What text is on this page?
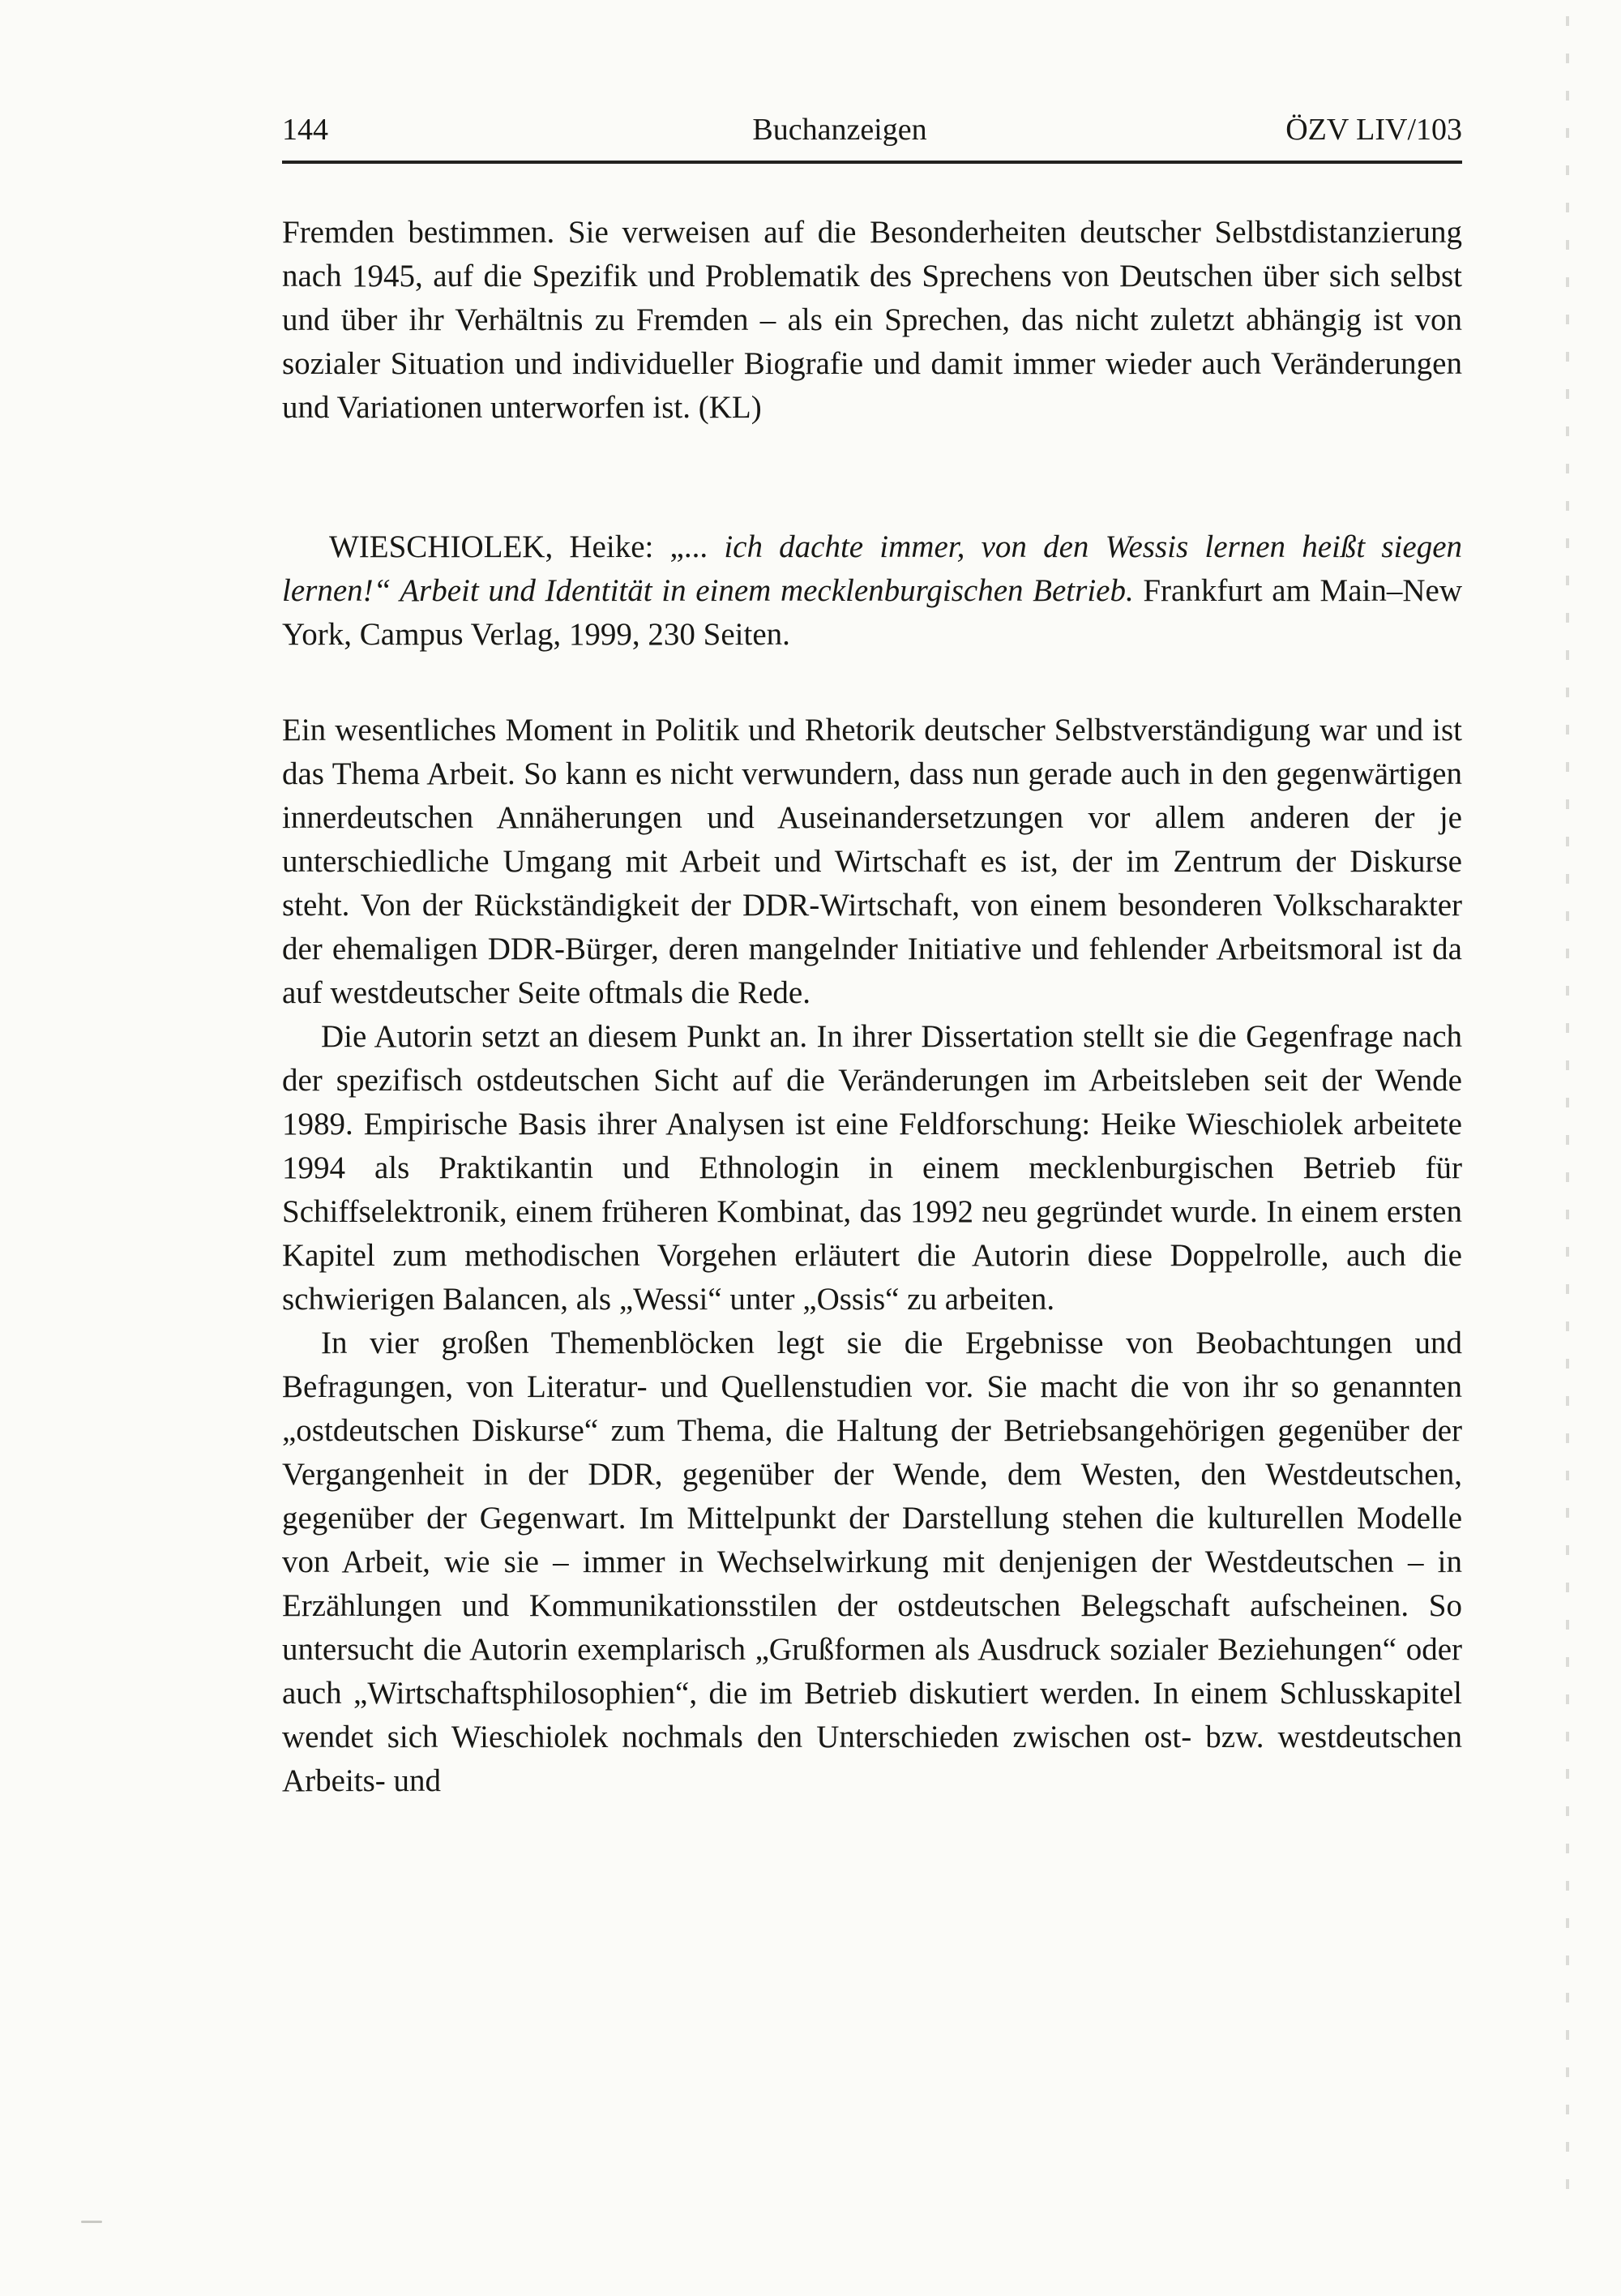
144	Buchanzeigen	ÖZV LIV/103

Fremden bestimmen. Sie verweisen auf die Besonderheiten deutscher Selbstdistanzierung nach 1945, auf die Spezifik und Problematik des Sprechens von Deutschen über sich selbst und über ihr Verhältnis zu Fremden – als ein Sprechen, das nicht zuletzt abhängig ist von sozialer Situation und individueller Biografie und damit immer wieder auch Veränderungen und Variationen unterworfen ist. (KL)

WIESCHIOLEK, Heike: „... ich dachte immer, von den Wessis lernen heißt siegen lernen!“ Arbeit und Identität in einem mecklenburgischen Betrieb. Frankfurt am Main–New York, Campus Verlag, 1999, 230 Seiten.

Ein wesentliches Moment in Politik und Rhetorik deutscher Selbstverständigung war und ist das Thema Arbeit. So kann es nicht verwundern, dass nun gerade auch in den gegenwärtigen innerdeutschen Annäherungen und Auseinandersetzungen vor allem anderen der je unterschiedliche Umgang mit Arbeit und Wirtschaft es ist, der im Zentrum der Diskurse steht. Von der Rückständigkeit der DDR-Wirtschaft, von einem besonderen Volkscharakter der ehemaligen DDR-Bürger, deren mangelnder Initiative und fehlender Arbeitsmoral ist da auf westdeutscher Seite oftmals die Rede.

Die Autorin setzt an diesem Punkt an. In ihrer Dissertation stellt sie die Gegenfrage nach der spezifisch ostdeutschen Sicht auf die Veränderungen im Arbeitsleben seit der Wende 1989. Empirische Basis ihrer Analysen ist eine Feldforschung: Heike Wieschiolek arbeitete 1994 als Praktikantin und Ethnologin in einem mecklenburgischen Betrieb für Schiffselektronik, einem früheren Kombinat, das 1992 neu gegründet wurde. In einem ersten Kapitel zum methodischen Vorgehen erläutert die Autorin diese Doppelrolle, auch die schwierigen Balancen, als „Wessi“ unter „Ossis“ zu arbeiten.

In vier großen Themenblöcken legt sie die Ergebnisse von Beobachtungen und Befragungen, von Literatur- und Quellenstudien vor. Sie macht die von ihr so genannten „ostdeutschen Diskurse“ zum Thema, die Haltung der Betriebsangehörigen gegenüber der Vergangenheit in der DDR, gegenüber der Wende, dem Westen, den Westdeutschen, gegenüber der Gegenwart. Im Mittelpunkt der Darstellung stehen die kulturellen Modelle von Arbeit, wie sie – immer in Wechselwirkung mit denjenigen der Westdeutschen – in Erzählungen und Kommunikationsstilen der ostdeutschen Belegschaft aufscheinen. So untersucht die Autorin exemplarisch „Grußformen als Ausdruck sozialer Beziehungen“ oder auch „Wirtschaftsphilosophien“, die im Betrieb diskutiert werden. In einem Schlusskapitel wendet sich Wieschiolek nochmals den Unterschieden zwischen ost- bzw. westdeutschen Arbeits- und
